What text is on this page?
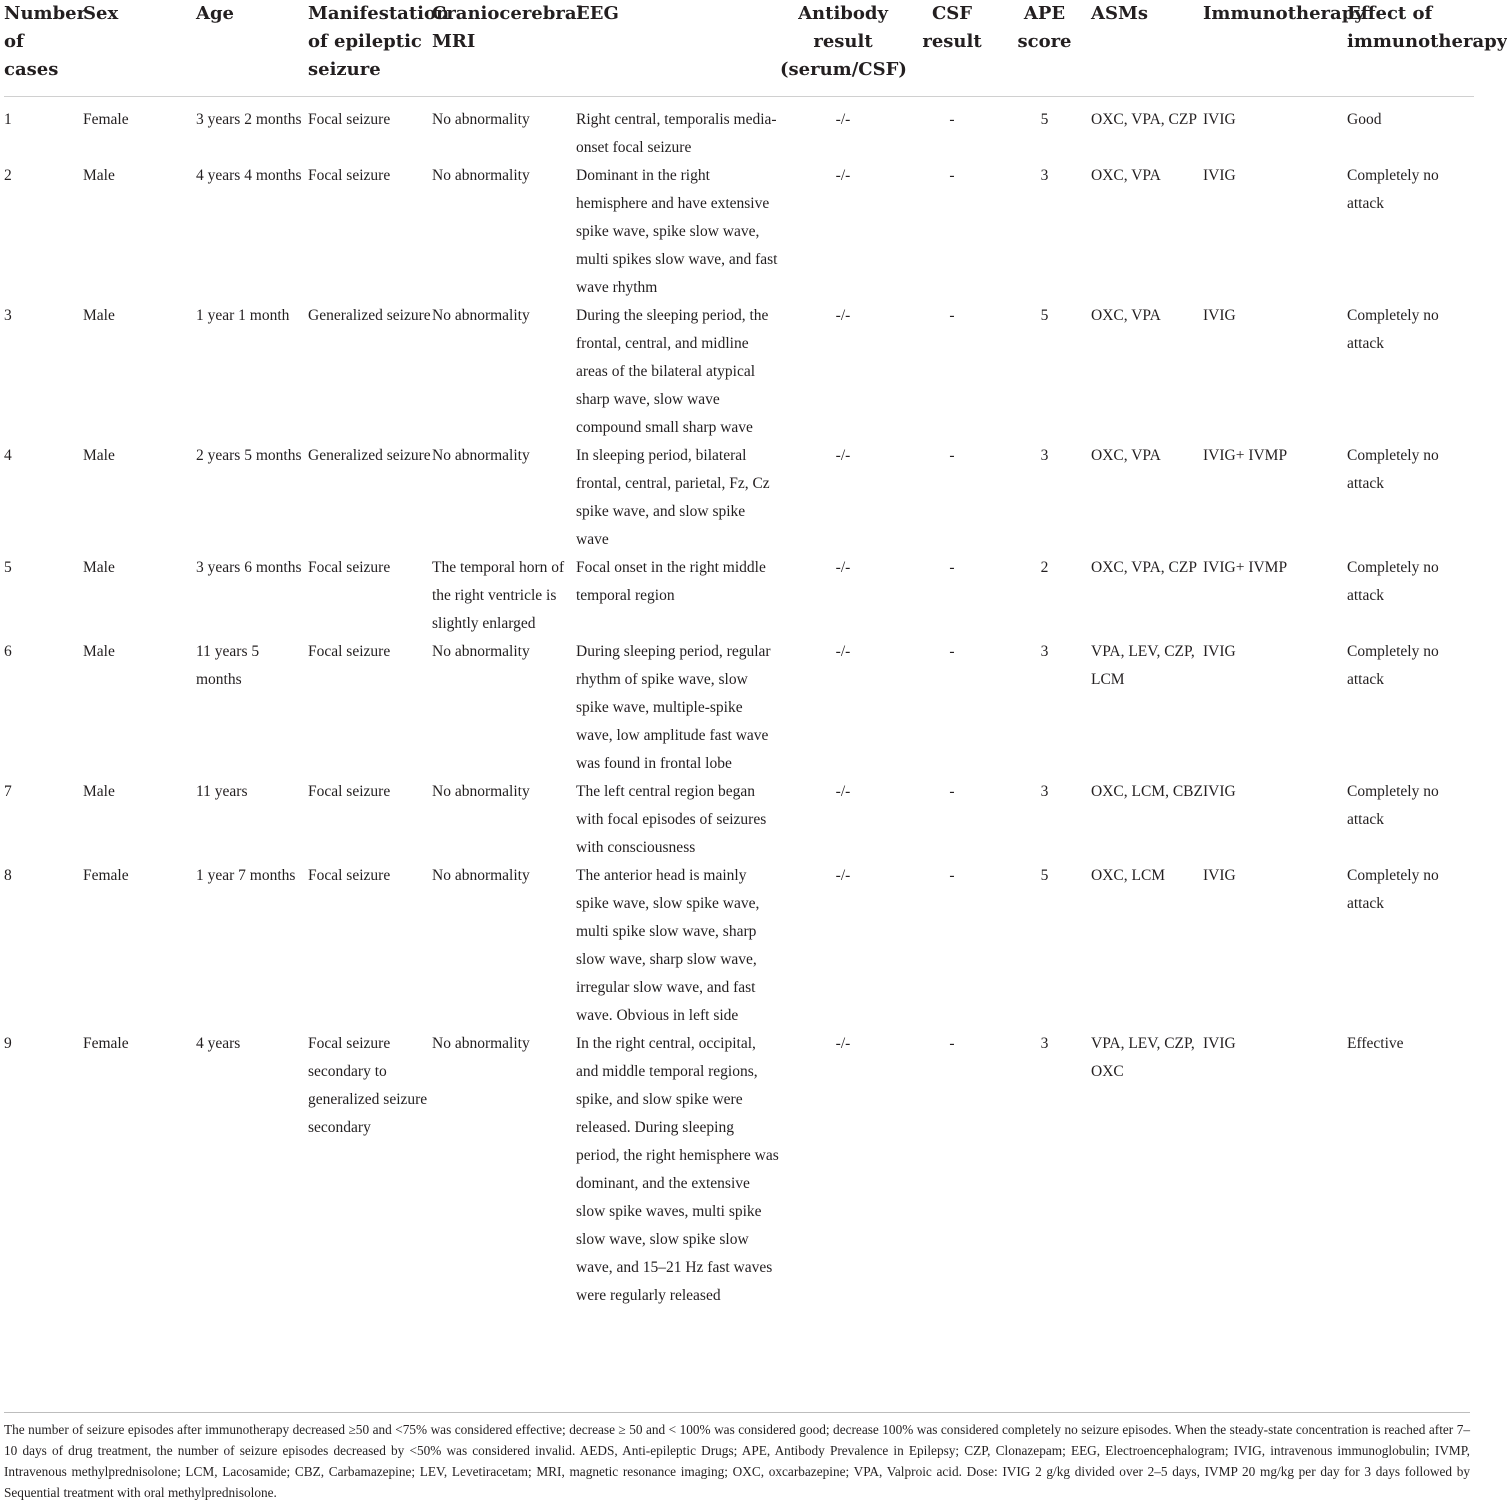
Number of cases	Sex	Age	Manifestation of epileptic seizure	Craniocerebral MRI	EEG	Antibody result (serum/CSF)	CSF result	APE score	ASMs	Immunotherapy	Effect of immunotherapy
1	Female	3 years 2 months	Focal seizure	No abnormality	Right central, temporalis media-onset focal seizure	-/-	-	5	OXC, VPA, CZP	IVIG	Good
2	Male	4 years 4 months	Focal seizure	No abnormality	Dominant in the right hemisphere and have extensive spike wave, spike slow wave, multi spikes slow wave, and fast wave rhythm	-/-	-	3	OXC, VPA	IVIG	Completely no attack
3	Male	1 year 1 month	Generalized seizure	No abnormality	During the sleeping period, the frontal, central, and midline areas of the bilateral atypical sharp wave, slow wave compound small sharp wave	-/-	-	5	OXC, VPA	IVIG	Completely no attack
4	Male	2 years 5 months	Generalized seizure	No abnormality	In sleeping period, bilateral frontal, central, parietal, Fz, Cz spike wave, and slow spike wave	-/-	-	3	OXC, VPA	IVIG+ IVMP	Completely no attack
5	Male	3 years 6 months	Focal seizure	The temporal horn of the right ventricle is slightly enlarged	Focal onset in the right middle temporal region	-/-	-	2	OXC, VPA, CZP	IVIG+ IVMP	Completely no attack
6	Male	11 years 5 months	Focal seizure	No abnormality	During sleeping period, regular rhythm of spike wave, slow spike wave, multiple-spike wave, low amplitude fast wave was found in frontal lobe	-/-	-	3	VPA, LEV, CZP, LCM	IVIG	Completely no attack
7	Male	11 years	Focal seizure	No abnormality	The left central region began with focal episodes of seizures with consciousness	-/-	-	3	OXC, LCM, CBZ	IVIG	Completely no attack
8	Female	1 year 7 months	Focal seizure	No abnormality	The anterior head is mainly spike wave, slow spike wave, multi spike slow wave, sharp slow wave, sharp slow wave, irregular slow wave, and fast wave. Obvious in left side	-/-	-	5	OXC, LCM	IVIG	Completely no attack
9	Female	4 years	Focal seizure secondary to generalized seizure secondary	No abnormality	In the right central, occipital, and middle temporal regions, spike, and slow spike were released. During sleeping period, the right hemisphere was dominant, and the extensive slow spike waves, multi spike slow wave, slow spike slow wave, and 15–21 Hz fast waves were regularly released	-/-	-	3	VPA, LEV, CZP, OXC	IVIG	Effective
The number of seizure episodes after immunotherapy decreased ≥50 and <75% was considered effective; decrease ≥ 50 and < 100% was considered good; decrease 100% was considered completely no seizure episodes. When the steady-state concentration is reached after 7–10 days of drug treatment, the number of seizure episodes decreased by <50% was considered invalid. AEDS, Anti-epileptic Drugs; APE, Antibody Prevalence in Epilepsy; CZP, Clonazepam; EEG, Electroencephalogram; IVIG, intravenous immunoglobulin; IVMP, Intravenous methylprednisolone; LCM, Lacosamide; CBZ, Carbamazepine; LEV, Levetiracetam; MRI, magnetic resonance imaging; OXC, oxcarbazepine; VPA, Valproic acid. Dose: IVIG 2 g/kg divided over 2–5 days, IVMP 20 mg/kg per day for 3 days followed by Sequential treatment with oral methylprednisolone.
